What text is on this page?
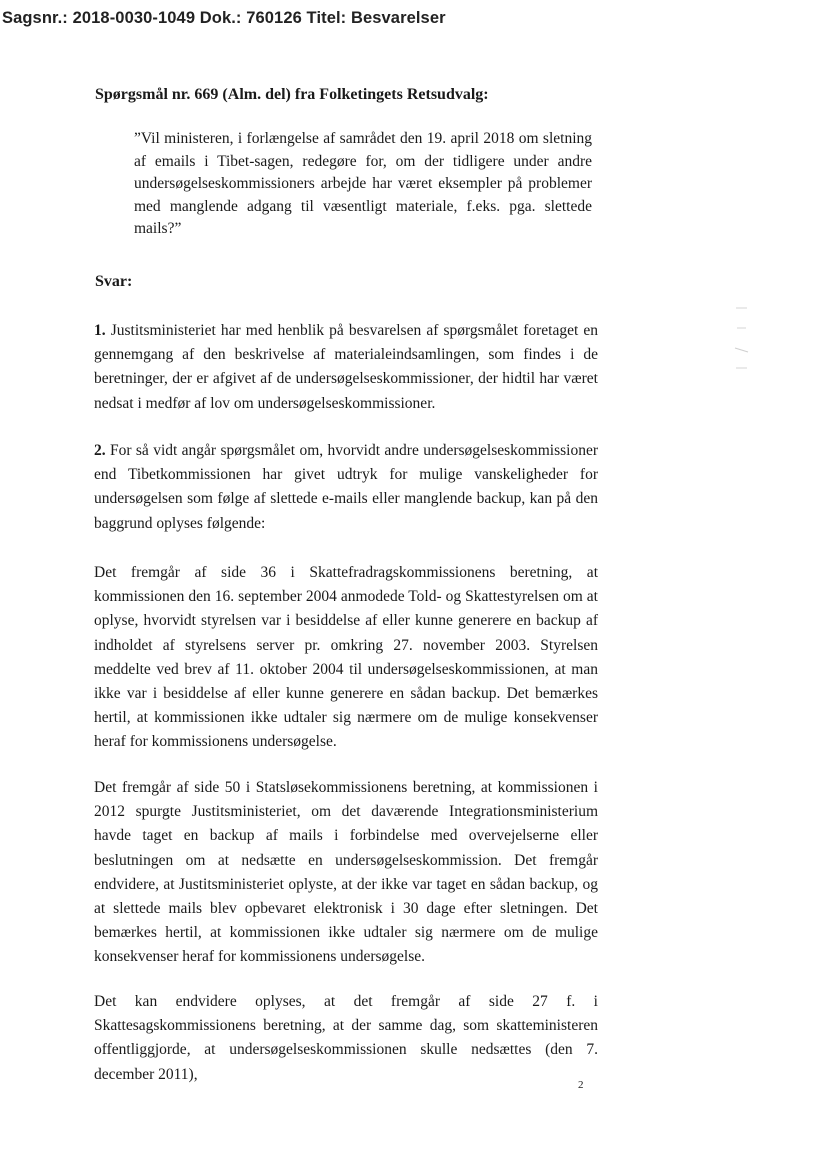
Sagsnr.: 2018-0030-1049 Dok.: 760126 Titel: Besvarelser
Spørgsmål nr. 669 (Alm. del) fra Folketingets Retsudvalg:
”Vil ministeren, i forlængelse af samrådet den 19. april 2018 om sletning af emails i Tibet-sagen, redegøre for, om der tidligere under andre undersøgelseskommissioners arbejde har været eksempler på problemer med manglende adgang til væsentligt materiale, f.eks. pga. slettede mails?”
Svar:
1. Justitsministeriet har med henblik på besvarelsen af spørgsmålet foretaget en gennemgang af den beskrivelse af materialeindsamlingen, som findes i de beretninger, der er afgivet af de undersøgelseskommissioner, der hidtil har været nedsat i medfør af lov om undersøgelseskommissioner.
2. For så vidt angår spørgsmålet om, hvorvidt andre undersøgelseskommissioner end Tibetkommissionen har givet udtryk for mulige vanskeligheder for undersøgelsen som følge af slettede e-mails eller manglende backup, kan på den baggrund oplyses følgende:
Det fremgår af side 36 i Skattefradragskommissionens beretning, at kommissionen den 16. september 2004 anmodede Told- og Skattestyrelsen om at oplyse, hvorvidt styrelsen var i besiddelse af eller kunne generere en backup af indholdet af styrelsens server pr. omkring 27. november 2003. Styrelsen meddelte ved brev af 11. oktober 2004 til undersøgelseskommissionen, at man ikke var i besiddelse af eller kunne generere en sådan backup. Det bemærkes hertil, at kommissionen ikke udtaler sig nærmere om de mulige konsekvenser heraf for kommissionens undersøgelse.
Det fremgår af side 50 i Statsløsekommissionens beretning, at kommissionen i 2012 spurgte Justitsministeriet, om det daværende Integrationsministerium havde taget en backup af mails i forbindelse med overvejelserne eller beslutningen om at nedsætte en undersøgelseskommission. Det fremgår endvidere, at Justitsministeriet oplyste, at der ikke var taget en sådan backup, og at slettede mails blev opbevaret elektronisk i 30 dage efter sletningen. Det bemærkes hertil, at kommissionen ikke udtaler sig nærmere om de mulige konsekvenser heraf for kommissionens undersøgelse.
Det kan endvidere oplyses, at det fremgår af side 27 f. i Skattesagskommissionens beretning, at der samme dag, som skatteministeren offentliggjorde, at undersøgelseskommissionen skulle nedsættes (den 7. december 2011),
2
